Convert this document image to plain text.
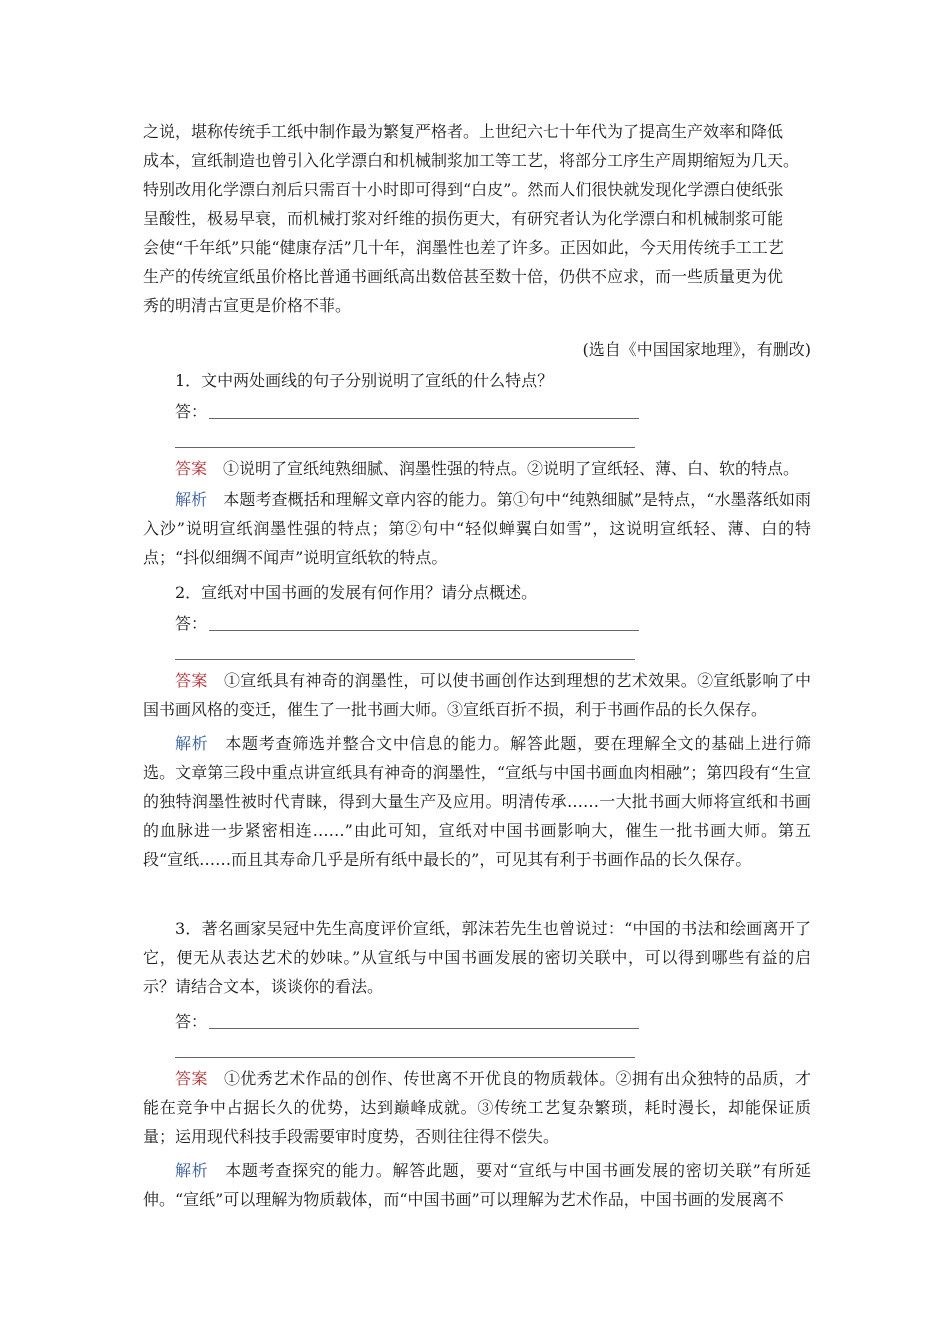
之说，堪称传统手工纸中制作最为繁复严格者。上世纪六七十年代为了提高生产效率和降低
成本，宣纸制造也曾引入化学漂白和机械制浆加工等工艺，将部分工序生产周期缩短为几天。
特别改用化学漂白剂后只需百十小时即可得到“白皮”。然而人们很快就发现化学漂白使纸张
呈酸性，极易早衰，而机械打浆对纤维的损伤更大，有研究者认为化学漂白和机械制浆可能
会使“千年纸”只能“健康存活”几十年，润墨性也差了许多。正因如此，今天用传统手工工艺
生产的传统宣纸虽价格比普通书画纸高出数倍甚至数十倍，仍供不应求，而一些质量更为优
秀的明清古宣更是价格不菲。

(选自《中国国家地理》，有删改)

1．文中两处画线的句子分别说明了宣纸的什么特点？

答：

答案  ①说明了宣纸纯熟细腻、润墨性强的特点。②说明了宣纸轻、薄、白、软的特点。

解析  本题考查概括和理解文章内容的能力。第①句中“纯熟细腻”是特点，“水墨落纸如雨入沙”说明宣纸润墨性强的特点；第②句中“轻似蝉翼白如雪”，这说明宣纸轻、薄、白的特点；“抖似细绸不闻声”说明宣纸软的特点。

2．宣纸对中国书画的发展有何作用？请分点概述。

答：

答案  ①宣纸具有神奇的润墨性，可以使书画创作达到理想的艺术效果。②宣纸影响了中国书画风格的变迁，催生了一批书画大师。③宣纸百折不损，利于书画作品的长久保存。

解析  本题考查筛选并整合文中信息的能力。解答此题，要在理解全文的基础上进行筛选。文章第三段中重点讲宣纸具有神奇的润墨性，“宣纸与中国书画血肉相融”；第四段有“生宣的独特润墨性被时代青睐，得到大量生产及应用。明清传承……一大批书画大师将宣纸和书画的血脉进一步紧密相连……”由此可知，宣纸对中国书画影响大，催生一批书画大师。第五段“宣纸……而且其寿命几乎是所有纸中最长的”，可见其有利于书画作品的长久保存。

3．著名画家吴冠中先生高度评价宣纸，郭沫若先生也曾说过：“中国的书法和绘画离开了它，便无从表达艺术的妙味。”从宣纸与中国书画发展的密切关联中，可以得到哪些有益的启示？请结合文本，谈谈你的看法。

答：

答案  ①优秀艺术作品的创作、传世离不开优良的物质载体。②拥有出众独特的品质，才能在竞争中占据长久的优势，达到巅峰成就。③传统工艺复杂繁琐，耗时漫长，却能保证质量；运用现代科技手段需要审时度势，否则往往得不偿失。

解析  本题考查探究的能力。解答此题，要对“宣纸与中国书画发展的密切关联”有所延伸。“宣纸”可以理解为物质载体，而“中国书画”可以理解为艺术作品，中国书画的发展离不
